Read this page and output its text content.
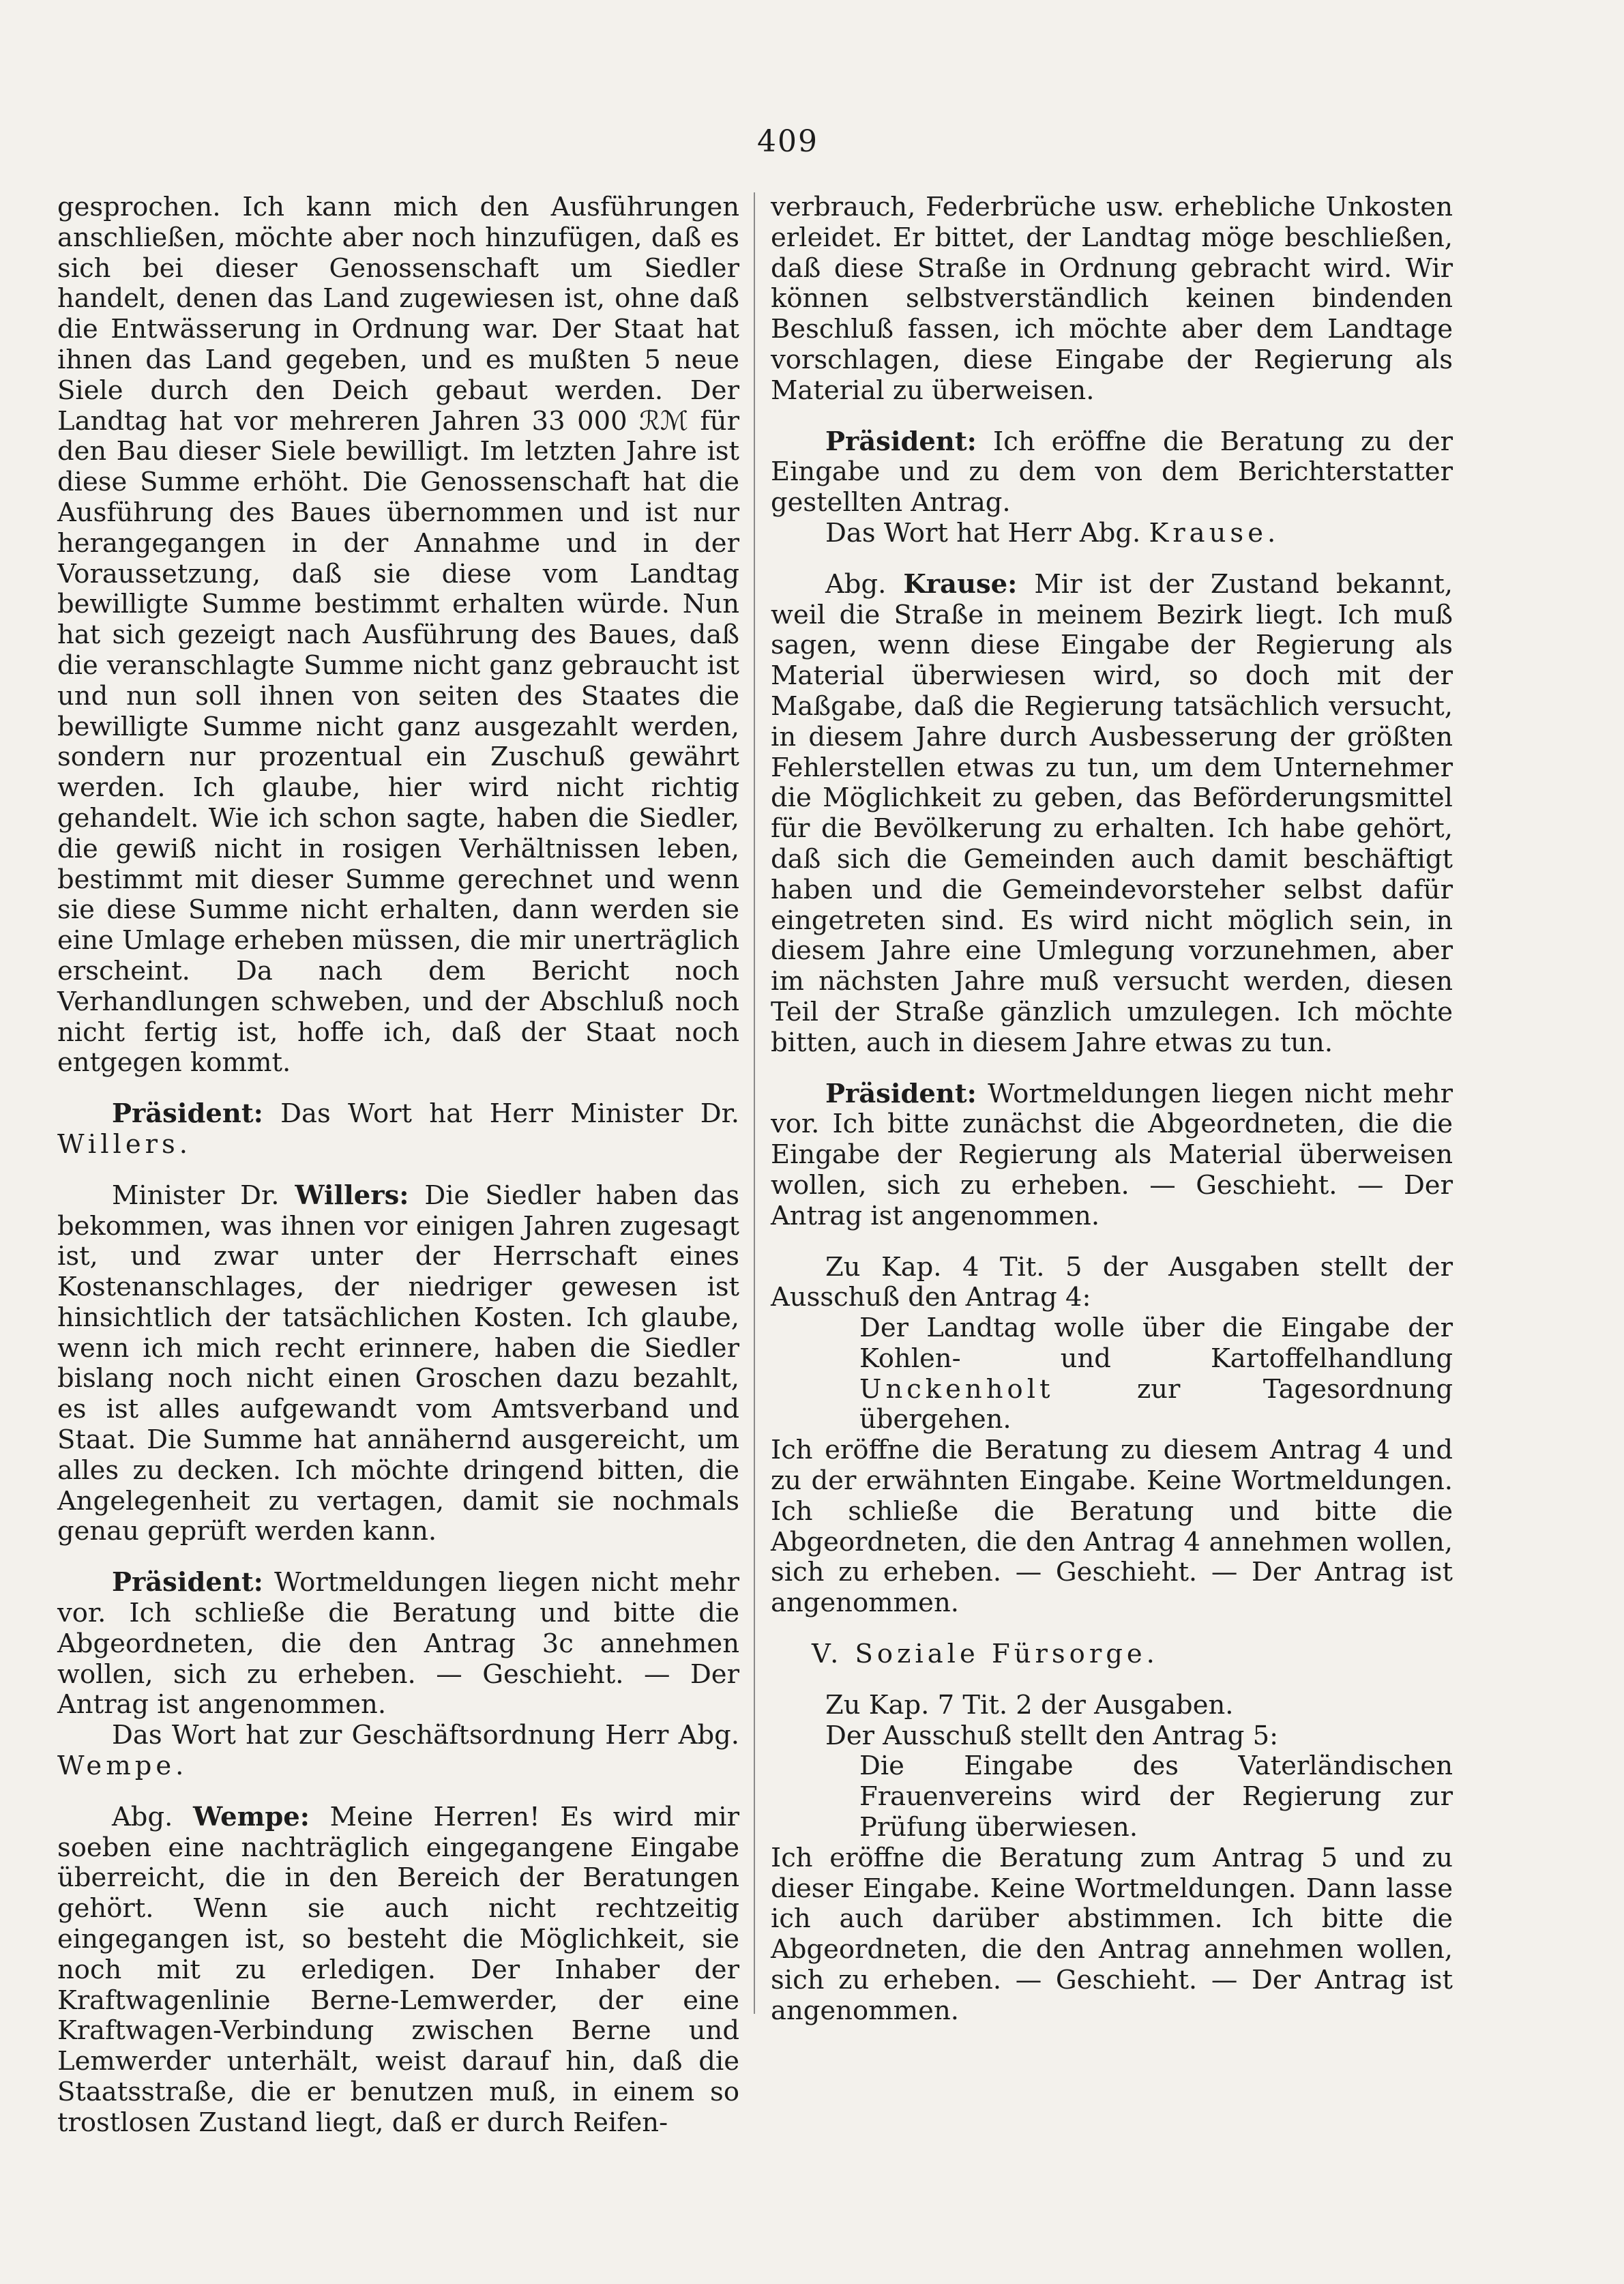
409

gesprochen. Ich kann mich den Ausführungen anschließen, möchte aber noch hinzufügen, daß es sich bei dieser Genossenschaft um Siedler handelt, denen das Land zugewiesen ist, ohne daß die Entwässerung in Ordnung war. Der Staat hat ihnen das Land gegeben, und es mußten 5 neue Siele durch den Deich gebaut werden. Der Landtag hat vor mehreren Jahren 33 000 ℛℳ für den Bau dieser Siele bewilligt. Im letzten Jahre ist diese Summe erhöht. Die Genossenschaft hat die Ausführung des Baues übernommen und ist nur herangegangen in der Annahme und in der Voraussetzung, daß sie diese vom Landtag bewilligte Summe bestimmt erhalten würde. Nun hat sich gezeigt nach Ausführung des Baues, daß die veranschlagte Summe nicht ganz gebraucht ist und nun soll ihnen von seiten des Staates die bewilligte Summe nicht ganz ausgezahlt werden, sondern nur prozentual ein Zuschuß gewährt werden. Ich glaube, hier wird nicht richtig gehandelt. Wie ich schon sagte, haben die Siedler, die gewiß nicht in rosigen Verhältnissen leben, bestimmt mit dieser Summe gerechnet und wenn sie diese Summe nicht erhalten, dann werden sie eine Umlage erheben müssen, die mir unerträglich erscheint. Da nach dem Bericht noch Verhandlungen schweben, und der Abschluß noch nicht fertig ist, hoffe ich, daß der Staat noch entgegen kommt.

Präsident: Das Wort hat Herr Minister Dr. Willers.

Minister Dr. Willers: Die Siedler haben das bekommen, was ihnen vor einigen Jahren zugesagt ist, und zwar unter der Herrschaft eines Kostenanschlages, der niedriger gewesen ist hinsichtlich der tatsächlichen Kosten. Ich glaube, wenn ich mich recht erinnere, haben die Siedler bislang noch nicht einen Groschen dazu bezahlt, es ist alles aufgewandt vom Amtsverband und Staat. Die Summe hat annähernd ausgereicht, um alles zu decken. Ich möchte dringend bitten, die Angelegenheit zu vertagen, damit sie nochmals genau geprüft werden kann.

Präsident: Wortmeldungen liegen nicht mehr vor. Ich schließe die Beratung und bitte die Abgeordneten, die den Antrag 3c annehmen wollen, sich zu erheben. — Geschieht. — Der Antrag ist angenommen.

Das Wort hat zur Geschäftsordnung Herr Abg. Wempe.

Abg. Wempe: Meine Herren! Es wird mir soeben eine nachträglich eingegangene Eingabe überreicht, die in den Bereich der Beratungen gehört. Wenn sie auch nicht rechtzeitig eingegangen ist, so besteht die Möglichkeit, sie noch mit zu erledigen. Der Inhaber der Kraftwagenlinie Berne-Lemwerder, der eine Kraftwagen-Verbindung zwischen Berne und Lemwerder unterhält, weist darauf hin, daß die Staatsstraße, die er benutzen muß, in einem so trostlosen Zustand liegt, daß er durch Reifen-

verbrauch, Federbrüche usw. erhebliche Unkosten erleidet. Er bittet, der Landtag möge beschließen, daß diese Straße in Ordnung gebracht wird. Wir können selbstverständlich keinen bindenden Beschluß fassen, ich möchte aber dem Landtage vorschlagen, diese Eingabe der Regierung als Material zu überweisen.

Präsident: Ich eröffne die Beratung zu der Eingabe und zu dem von dem Berichterstatter gestellten Antrag.

Das Wort hat Herr Abg. Krause.

Abg. Krause: Mir ist der Zustand bekannt, weil die Straße in meinem Bezirk liegt. Ich muß sagen, wenn diese Eingabe der Regierung als Material überwiesen wird, so doch mit der Maßgabe, daß die Regierung tatsächlich versucht, in diesem Jahre durch Ausbesserung der größten Fehlerstellen etwas zu tun, um dem Unternehmer die Möglichkeit zu geben, das Beförderungsmittel für die Bevölkerung zu erhalten. Ich habe gehört, daß sich die Gemeinden auch damit beschäftigt haben und die Gemeindevorsteher selbst dafür eingetreten sind. Es wird nicht möglich sein, in diesem Jahre eine Umlegung vorzunehmen, aber im nächsten Jahre muß versucht werden, diesen Teil der Straße gänzlich umzulegen. Ich möchte bitten, auch in diesem Jahre etwas zu tun.

Präsident: Wortmeldungen liegen nicht mehr vor. Ich bitte zunächst die Abgeordneten, die die Eingabe der Regierung als Material überweisen wollen, sich zu erheben. — Geschieht. — Der Antrag ist angenommen.

Zu Kap. 4 Tit. 5 der Ausgaben stellt der Ausschuß den Antrag 4:

Der Landtag wolle über die Eingabe der Kohlen- und Kartoffelhandlung Unckenholt zur Tagesordnung übergehen.

Ich eröffne die Beratung zu diesem Antrag 4 und zu der erwähnten Eingabe. Keine Wortmeldungen. Ich schließe die Beratung und bitte die Abgeordneten, die den Antrag 4 annehmen wollen, sich zu erheben. — Geschieht. — Der Antrag ist angenommen.

V. Soziale Fürsorge.

Zu Kap. 7 Tit. 2 der Ausgaben.

Der Ausschuß stellt den Antrag 5:

Die Eingabe des Vaterländischen Frauenvereins wird der Regierung zur Prüfung überwiesen.

Ich eröffne die Beratung zum Antrag 5 und zu dieser Eingabe. Keine Wortmeldungen. Dann lasse ich auch darüber abstimmen. Ich bitte die Abgeordneten, die den Antrag annehmen wollen, sich zu erheben. — Geschieht. — Der Antrag ist angenommen.
